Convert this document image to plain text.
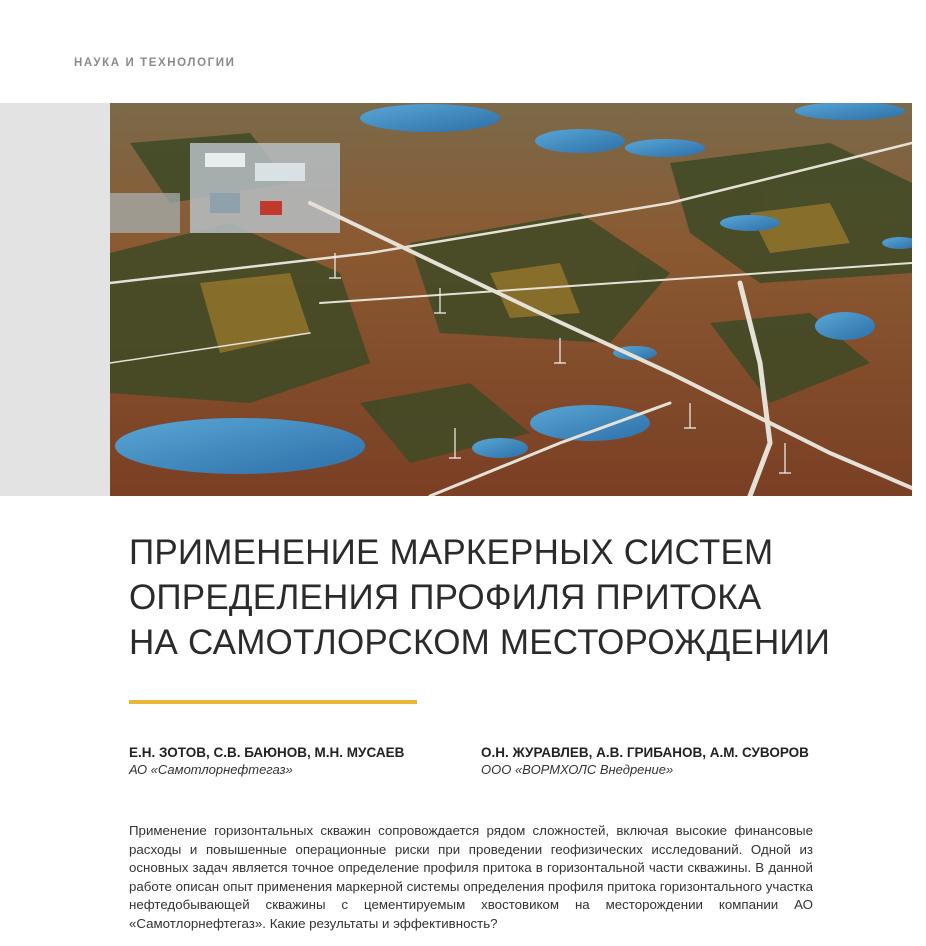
НАУКА И ТЕХНОЛОГИИ
ПРИМЕНЕНИЕ МАРКЕРНЫХ СИСТЕМ
ОПРЕДЕЛЕНИЯ ПРОФИЛЯ ПРИТОКА
НА САМОТЛОРСКОМ МЕСТОРОЖДЕНИИ
Е.Н. ЗОТОВ, С.В. БАЮНОВ, М.Н. МУСАЕВ
АО «Самотлорнефтегаз»
О.Н. ЖУРАВЛЕВ, А.В. ГРИБАНОВ, А.М. СУВОРОВ
ООО «ВОРМХОЛС Внедрение»

Применение горизонтальных скважин сопровождается рядом сложностей, включая высокие финансовые расходы и повышенные операционные риски при проведении геофизических исследований. Одной из основных задач является точное определение профиля притока в горизонтальной части скважины. В данной работе описан опыт применения маркерной системы определения профиля притока горизонтального участка нефтедобывающей скважины с цементируемым хвостовиком на месторождении компании АО «Самотлорнефтегаз». Какие результаты и эффективность?
